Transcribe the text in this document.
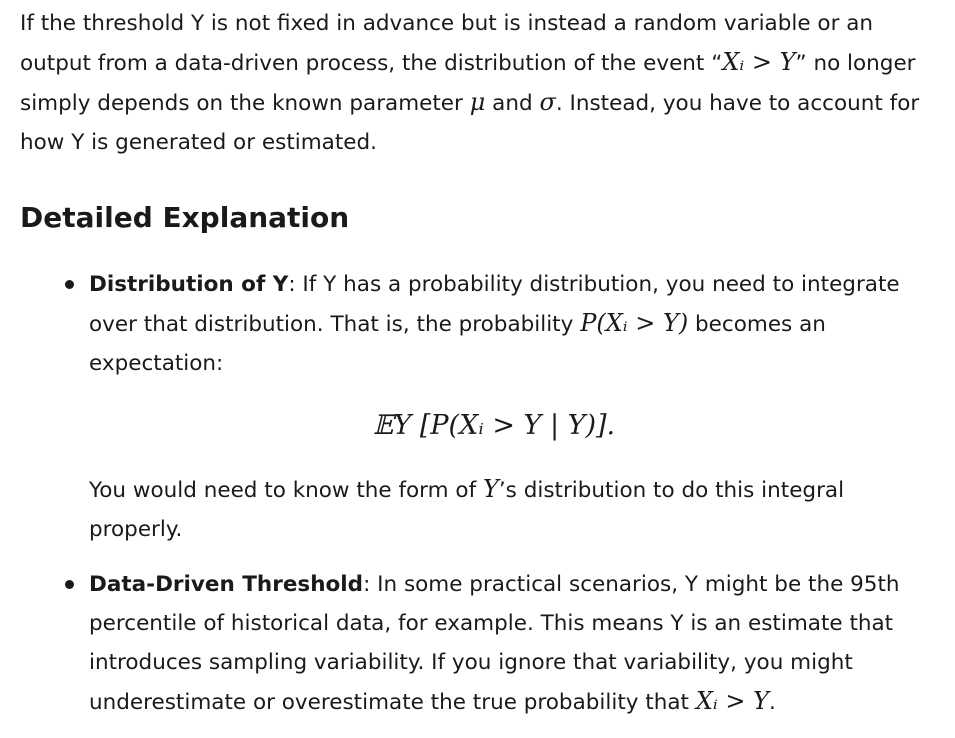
If the threshold Y is not fixed in advance but is instead a random variable or an output from a data-driven process, the distribution of the event “Xᵢ > Y” no longer simply depends on the known parameter μ and σ. Instead, you have to account for how Y is generated or estimated.

Detailed Explanation

Distribution of Y: If Y has a probability distribution, you need to integrate over that distribution. That is, the probability P(Xᵢ > Y) becomes an expectation:

𝔼Y [P(Xᵢ > Y | Y)].

You would need to know the form of Y’s distribution to do this integral properly.

Data-Driven Threshold: In some practical scenarios, Y might be the 95th percentile of historical data, for example. This means Y is an estimate that introduces sampling variability. If you ignore that variability, you might underestimate or overestimate the true probability that Xᵢ > Y.
